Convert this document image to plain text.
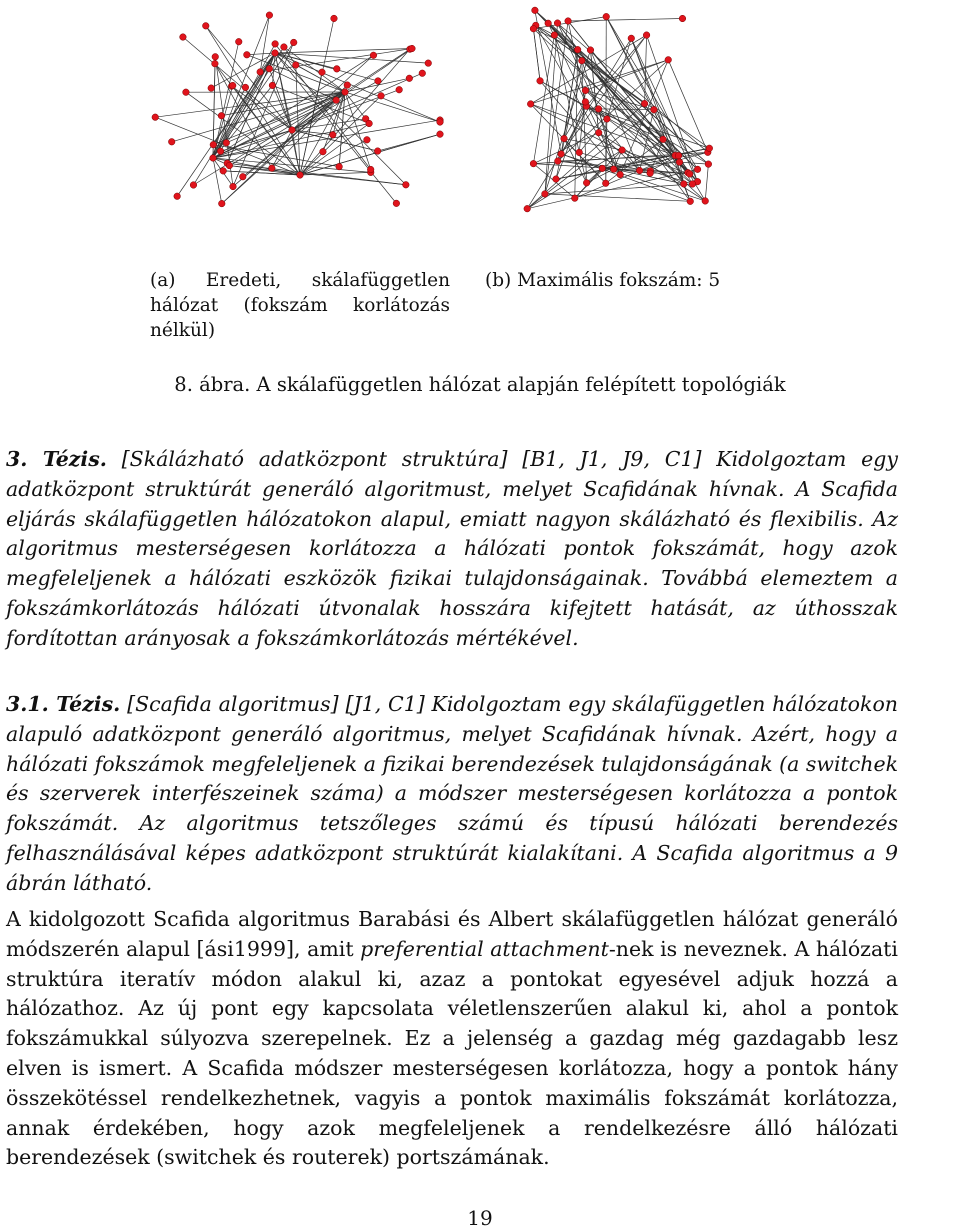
(a) Eredeti, skálafüggetlen
hálózat (fokszám korlátozás
nélkül)
(b) Maximális fokszám: 5
8. ábra. A skálafüggetlen hálózat alapján felépített topológiák
3. Tézis. [Skálázható adatközpont struktúra] [B1, J1, J9, C1] Kidolgoztam egy adatközpont struktúrát generáló algoritmust, melyet Scafidának hívnak. A Scafida eljárás skálafüggetlen hálózatokon alapul, emiatt nagyon skálázható és flexibilis. Az algoritmus mesterségesen korlátozza a hálózati pontok fokszámát, hogy azok megfeleljenek a hálózati eszközök fizikai tulajdonságainak. Továbbá elemeztem a fokszámkorlátozás hálózati útvonalak hosszára kifejtett hatását, az úthosszak fordítottan arányosak a fokszámkorlátozás mértékével.
3.1. Tézis. [Scafida algoritmus] [J1, C1] Kidolgoztam egy skálafüggetlen hálózatokon alapuló adatközpont generáló algoritmus, melyet Scafidának hívnak. Azért, hogy a hálózati fokszámok megfeleljenek a fizikai berendezések tulajdonságának (a switchek és szerverek interfészeinek száma) a módszer mesterségesen korlátozza a pontok fokszámát. Az algoritmus tetszőleges számú és típusú hálózati berendezés felhasználásával képes adatközpont struktúrát kialakítani. A Scafida algoritmus a 9 ábrán látható.
A kidolgozott Scafida algoritmus Barabási és Albert skálafüggetlen hálózat generáló módszerén alapul [ási1999], amit preferential attachment-nek is neveznek. A hálózati struktúra iteratív módon alakul ki, azaz a pontokat egyesével adjuk hozzá a hálózathoz. Az új pont egy kapcsolata véletlenszerűen alakul ki, ahol a pontok fokszámukkal súlyozva szerepelnek. Ez a jelenség a gazdag még gazdagabb lesz elven is ismert. A Scafida módszer mesterségesen korlátozza, hogy a pontok hány összekötéssel rendelkezhetnek, vagyis a pontok maximális fokszámát korlátozza, annak érdekében, hogy azok megfeleljenek a rendelkezésre álló hálózati berendezések (switchek és routerek) portszámának.
19
